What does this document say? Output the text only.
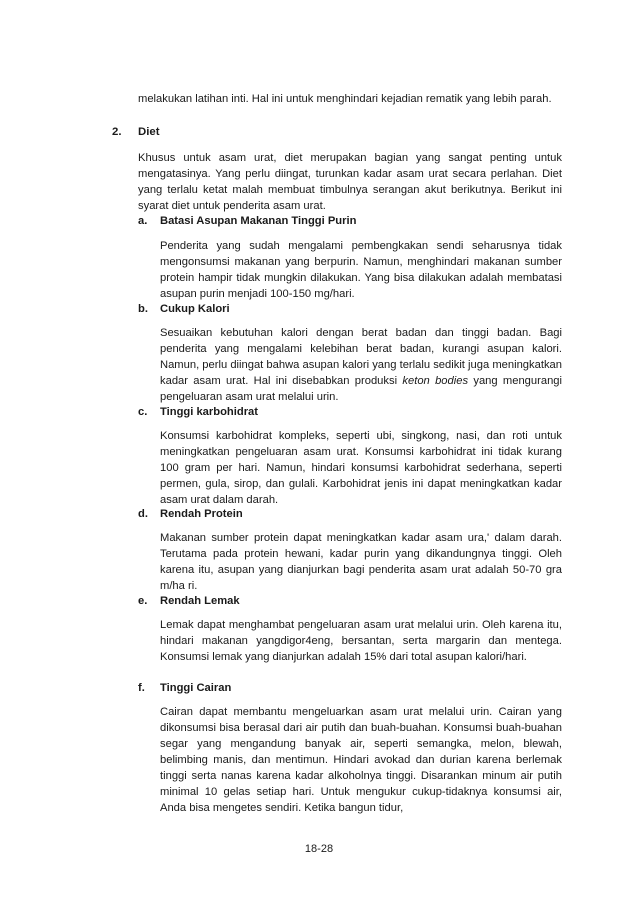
melakukan latihan inti. Hal ini untuk menghindari kejadian rematik yang lebih parah.

2. Diet

Khusus untuk asam urat, diet merupakan bagian yang sangat penting untuk mengatasinya. Yang perlu diingat, turunkan kadar asam urat secara perlahan. Diet yang terlalu ketat malah membuat timbulnya serangan akut berikutnya. Berikut ini syarat diet untuk penderita asam urat.

a. Batasi Asupan Makanan Tinggi Purin

Penderita yang sudah mengalami pembengkakan sendi seharusnya tidak mengonsumsi makanan yang berpurin. Namun, menghindari makanan sumber protein hampir tidak mungkin dilakukan. Yang bisa dilakukan adalah membatasi asupan purin menjadi 100-150 mg/hari.

b. Cukup Kalori

Sesuaikan kebutuhan kalori dengan berat badan dan tinggi badan. Bagi penderita yang mengalami kelebihan berat badan, kurangi asupan kalori. Namun, perlu diingat bahwa asupan kalori yang terlalu sedikit juga meningkatkan kadar asam urat. Hal ini disebabkan produksi keton bodies yang mengurangi pengeluaran asam urat melalui urin.

c. Tinggi karbohidrat

Konsumsi karbohidrat kompleks, seperti ubi, singkong, nasi, dan roti untuk meningkatkan pengeluaran asam urat. Konsumsi karbohidrat ini tidak kurang 100 gram per hari. Namun, hindari konsumsi karbohidrat sederhana, seperti permen, gula, sirop, dan gulali. Karbohidrat jenis ini dapat meningkatkan kadar asam urat dalam darah.

d. Rendah Protein

Makanan sumber protein dapat meningkatkan kadar asam ura,' dalam darah. Terutama pada protein hewani, kadar purin yang dikandungnya tinggi. Oleh karena itu, asupan yang dianjurkan bagi penderita asam urat adalah 50-70 gra m/ha ri.

e. Rendah Lemak

Lemak dapat menghambat pengeluaran asam urat melalui urin. Oleh karena itu, hindari makanan yangdigor4eng, bersantan, serta margarin dan mentega. Konsumsi lemak yang dianjurkan adalah 15% dari total asupan kalori/hari.

f. Tinggi Cairan

Cairan dapat membantu mengeluarkan asam urat melalui urin. Cairan yang dikonsumsi bisa berasal dari air putih dan buah-buahan. Konsumsi buah-buahan segar yang mengandung banyak air, seperti semangka, melon, blewah, belimbing manis, dan mentimun. Hindari avokad dan durian karena berlemak tinggi serta nanas karena kadar alkoholnya tinggi. Disarankan minum air putih minimal 10 gelas setiap hari. Untuk mengukur cukup-tidaknya konsumsi air, Anda bisa mengetes sendiri. Ketika bangun tidur,

18-28
